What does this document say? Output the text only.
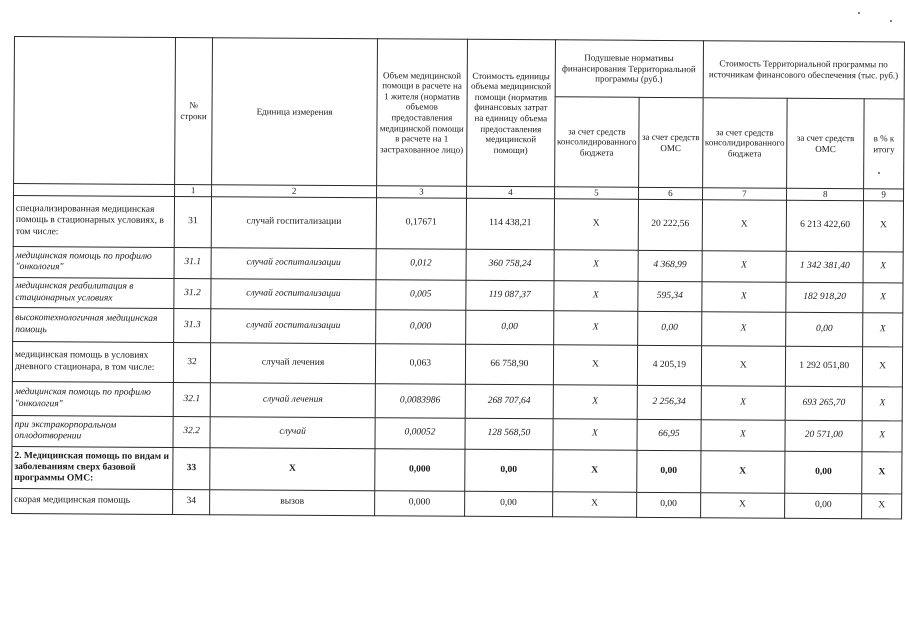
	№ строки	Единица измерения	Объем медицинской помощи в расчете на 1 жителя (норматив объемов предоставления медицинской помощи в расчете на 1 застрахованное лицо)	Стоимость единицы объема медицинской помощи (норматив финансовых затрат на единицу объема предоставления медицинской помощи)	Подушевые нормативы финансирования Территориальной программы (руб.)		Стоимость Территориальной программы по источникам финансового обеспечения (тыс. руб.)		
					за счет средств консолидированного бюджета	за счет средств ОМС	за счет средств консолидированного бюджета	за счет средств ОМС	в % к итогу
	1	2	3	4	5	6	7	8	9
специализированная медицинская помощь в стационарных условиях, в том числе:	31	случай госпитализации	0,17671	114 438,21	Х	20 222,56	Х	6 213 422,60	Х
медицинская помощь по профилю "онкология"	31.1	случай госпитализации	0,012	360 758,24	Х	4 368,99	Х	1 342 381,40	Х
медицинская реабилитация в стационарных условиях	31.2	случай госпитализации	0,005	119 087,37	Х	595,34	Х	182 918,20	Х
высокотехнологичная медицинская помощь	31.3	случай госпитализации	0,000	0,00	Х	0,00	Х	0,00	Х
медицинская помощь в условиях дневного стационара, в том числе:	32	случай лечения	0,063	66 758,90	Х	4 205,19	Х	1 292 051,80	Х
медицинская помощь по профилю "онкология"	32.1	случай лечения	0,0083986	268 707,64	Х	2 256,34	Х	693 265,70	Х
при экстракорпоральном оплодотворении	32.2	случай	0,00052	128 568,50	Х	66,95	Х	20 571,00	Х
2. Медицинская помощь по видам и заболеваниям сверх базовой программы ОМС:	33	Х	0,000	0,00	Х	0,00	Х	0,00	Х
скорая медицинская помощь	34	вызов	0,000	0,00	Х	0,00	Х	0,00	Х
